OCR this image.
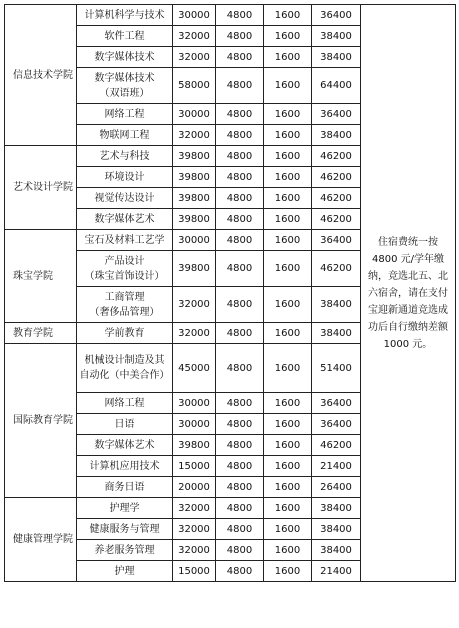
信息技术学院	计算机科学与技术	30000	4800	1600	36400	住宿费统一按 4800 元/学年缴纳，竞选北五、北六宿舍，请在支付宝迎新通道竞选成功后自行缴纳差额 1000 元。

	软件工程	32000	4800	1600	38400	

	数字媒体技术	32000	4800	1600	38400	

	数字媒体技术
（双语班）	58000	4800	1600	64400	

	网络工程	30000	4800	1600	36400	

	物联网工程	32000	4800	1600	38400	
艺术设计学院	艺术与科技	39800	4800	1600	46200	

	环境设计	39800	4800	1600	46200	

	视觉传达设计	39800	4800	1600	46200	

	数字媒体艺术	39800	4800	1600	46200	
珠宝学院	宝石及材料工艺学	30000	4800	1600	36400	

	产品设计
（珠宝首饰设计）	39800	4800	1600	46200	

	工商管理
（奢侈品管理）	32000	4800	1600	38400	
教育学院	学前教育	32000	4800	1600	38400	
国际教育学院	机械设计制造及其
自动化（中美合作）	45000	4800	1600	51400	

	网络工程	30000	4800	1600	36400	

	日语	30000	4800	1600	36400	

	数字媒体艺术	39800	4800	1600	46200	

	计算机应用技术	15000	4800	1600	21400	

	商务日语	20000	4800	1600	26400	
健康管理学院	护理学	32000	4800	1600	38400	

	健康服务与管理	32000	4800	1600	38400	

	养老服务管理	32000	4800	1600	38400	

	护理	15000	4800	1600	21400	
